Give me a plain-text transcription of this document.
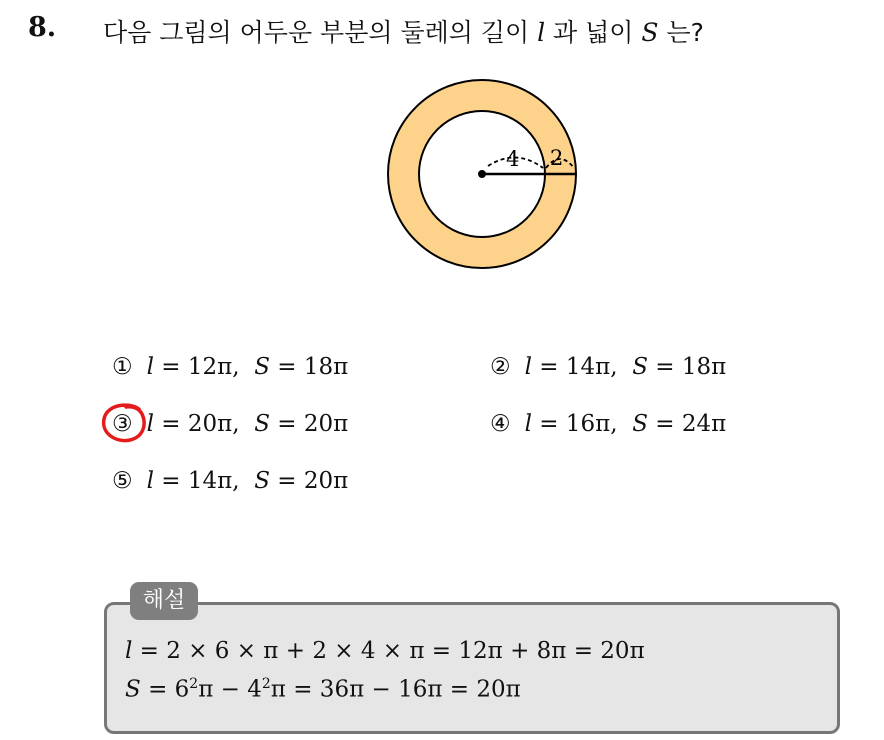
8. 다음 그림의 어두운 부분의 둘레의 길이 l 과 넓이 S 는?
4 2
① l = 12π, S = 18π	② l = 14π, S = 18π
③ l = 20π, S = 20π	④ l = 16π, S = 24π
⑤ l = 14π, S = 20π
해설
l = 2 × 6 × π + 2 × 4 × π = 12π + 8π = 20π
$S = 6^2\pi - 4^2\pi = 36\pi - 16\pi = 20\pi$
